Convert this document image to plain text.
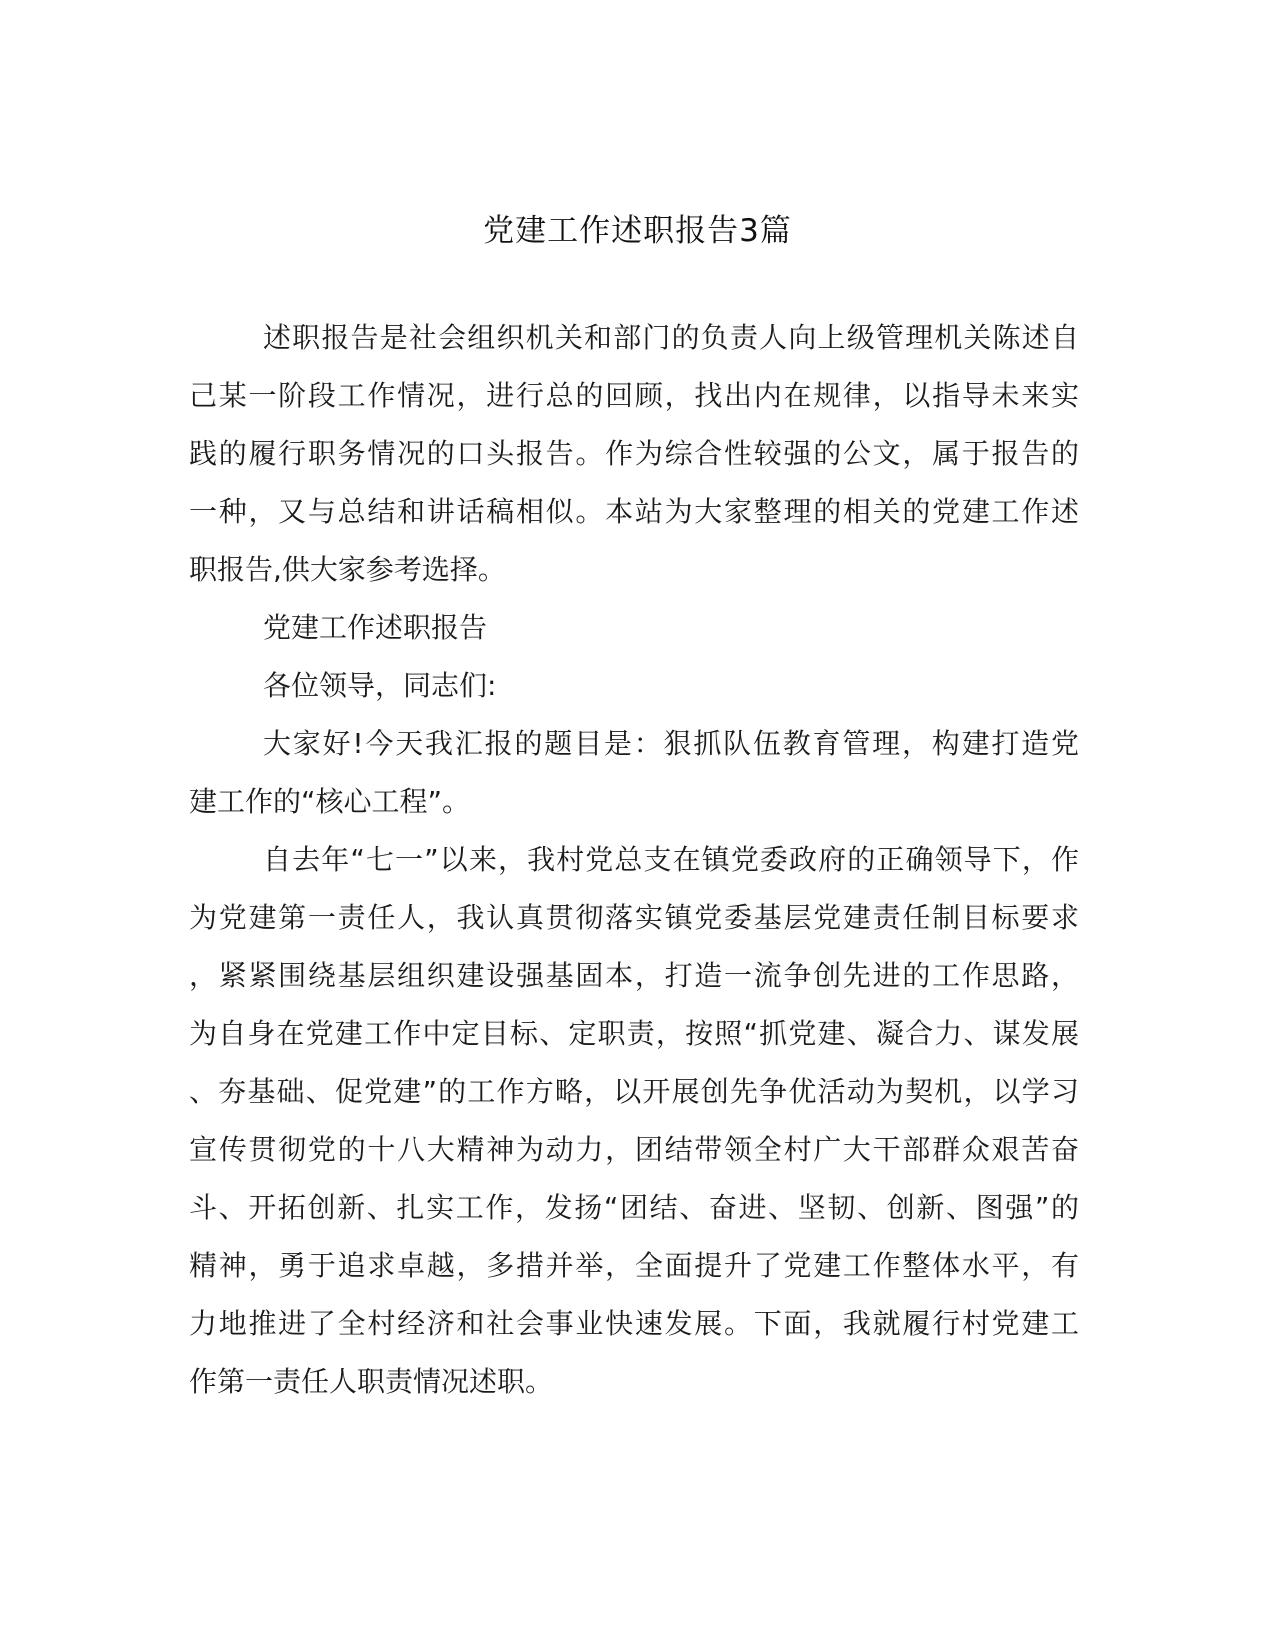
党建工作述职报告3篇
述职报告是社会组织机关和部门的负责人向上级管理机关陈述自
己某一阶段工作情况，进行总的回顾，找出内在规律，以指导未来实
践的履行职务情况的口头报告。作为综合性较强的公文，属于报告的
一种，又与总结和讲话稿相似。本站为大家整理的相关的党建工作述
职报告,供大家参考选择。
党建工作述职报告
各位领导，同志们:
大家好!今天我汇报的题目是：狠抓队伍教育管理，构建打造党
建工作的“核心工程”。
自去年“七一”以来，我村党总支在镇党委政府的正确领导下，作
为党建第一责任人，我认真贯彻落实镇党委基层党建责任制目标要求
，紧紧围绕基层组织建设强基固本，打造一流争创先进的工作思路，
为自身在党建工作中定目标、定职责，按照“抓党建、凝合力、谋发展
、夯基础、促党建”的工作方略，以开展创先争优活动为契机，以学习
宣传贯彻党的十八大精神为动力，团结带领全村广大干部群众艰苦奋
斗、开拓创新、扎实工作，发扬“团结、奋进、坚韧、创新、图强”的
精神，勇于追求卓越，多措并举，全面提升了党建工作整体水平，有
力地推进了全村经济和社会事业快速发展。下面，我就履行村党建工
作第一责任人职责情况述职。
